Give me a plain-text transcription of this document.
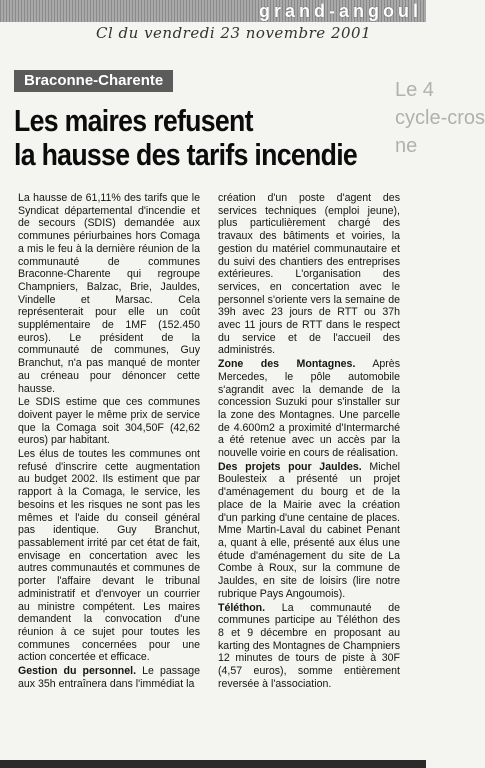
grand-angoul
Cl du vendredi 23 novembre 2001
Braconne-Charente	Le 4
cycle-cros
ne
Les maires refusent
la hausse des tarifs incendie

La hausse de 61,11% des tarifs que le Syndicat départemental d'incendie et de secours (SDIS) demandée aux communes périurbaines hors Comaga a mis le feu à la dernière réunion de la communauté de communes Braconne-Charente qui regroupe Champniers, Balzac, Brie, Jauldes, Vindelle et Marsac. Cela représenterait pour elle un coût supplémentaire de 1MF (152.450 euros). Le président de la communauté de communes, Guy Branchut, n'a pas manqué de monter au créneau pour dénoncer cette hausse.

Le SDIS estime que ces communes doivent payer le même prix de service que la Comaga soit 304,50F (42,62 euros) par habitant.

Les élus de toutes les communes ont refusé d'inscrire cette augmentation au budget 2002. Ils estiment que par rapport à la Comaga, le service, les besoins et les risques ne sont pas les mêmes et l'aide du conseil général pas identique. Guy Branchut, passablement irrité par cet état de fait, envisage en concertation avec les autres communautés et communes de porter l'affaire devant le tribunal administratif et d'envoyer un courrier au ministre compétent. Les maires demandent la convocation d'une réunion à ce sujet pour toutes les communes concernées pour une action concertée et efficace.

Gestion du personnel. Le passage aux 35h entraînera dans l'immédiat la

création d'un poste d'agent des services techniques (emploi jeune), plus particulièrement chargé des travaux des bâtiments et voiries, la gestion du matériel communautaire et du suivi des chantiers des entreprises extérieures. L'organisation des services, en concertation avec le personnel s'oriente vers la semaine de 39h avec 23 jours de RTT ou 37h avec 11 jours de RTT dans le respect du service et de l'accueil des administrés.

Zone des Montagnes. Après Mercedes, le pôle automobile s'agrandit avec la demande de la concession Suzuki pour s'installer sur la zone des Montagnes. Une parcelle de 4.600m2 a proximité d'Intermarché a été retenue avec un accès par la nouvelle voirie en cours de réalisation.

Des projets pour Jauldes. Michel Boulesteix a présenté un projet d'aménagement du bourg et de la place de la Mairie avec la création d'un parking d'une centaine de places. Mme Martin-Laval du cabinet Penant a, quant à elle, présenté aux élus une étude d'aménagement du site de La Combe à Roux, sur la commune de Jauldes, en site de loisirs (lire notre rubrique Pays Angoumois).

Téléthon. La communauté de communes participe au Téléthon des 8 et 9 décembre en proposant au karting des Montagnes de Champniers 12 minutes de tours de piste à 30F (4,57 euros), somme entièrement reversée à l'association.
